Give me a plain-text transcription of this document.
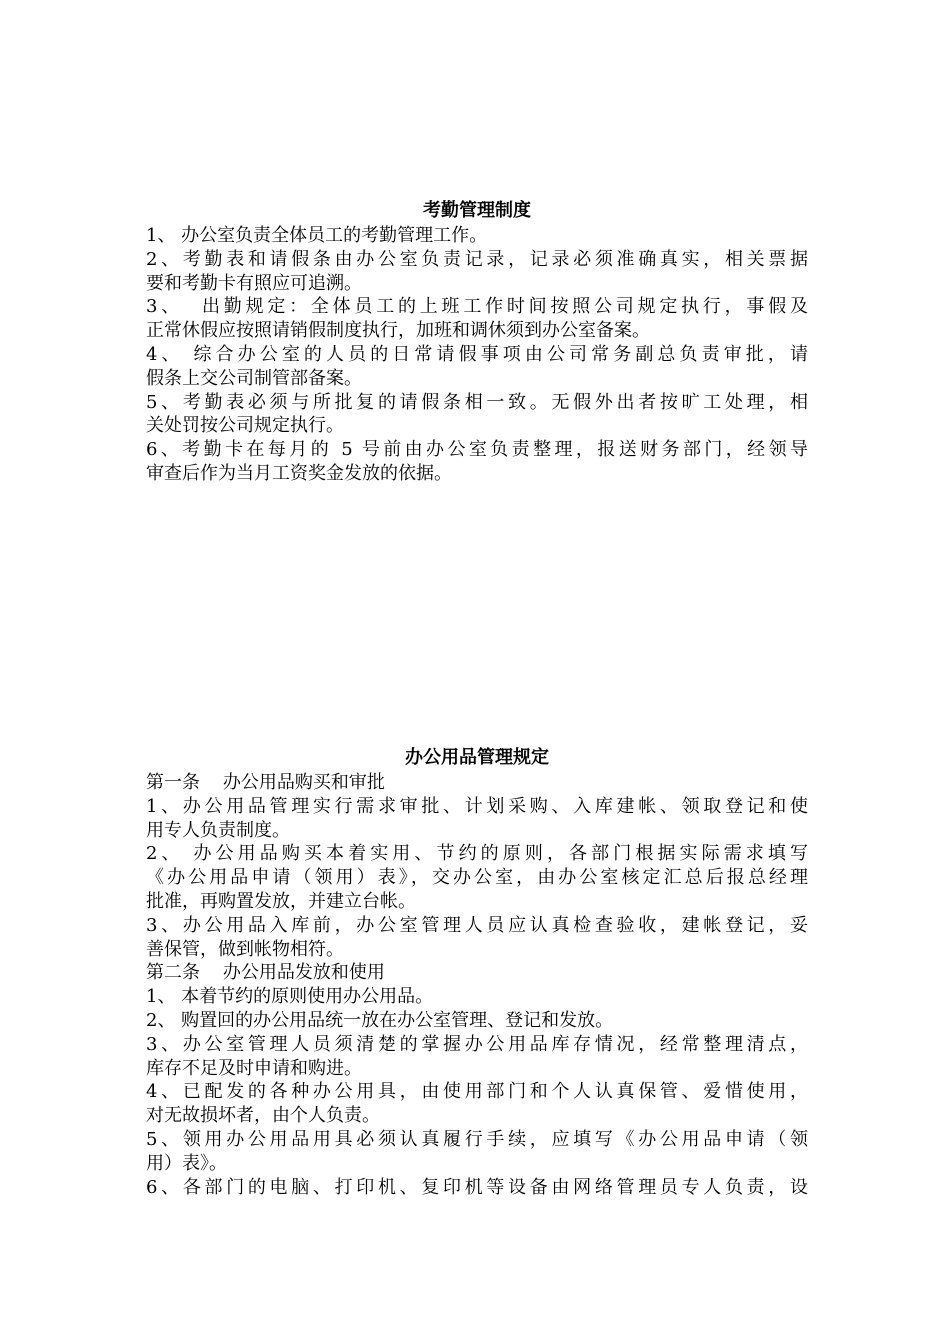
考勤管理制度
1、 办公室负责全体员工的考勤管理工作。
2、考勤表和请假条由办公室负责记录，记录必须准确真实，相关票据
要和考勤卡有照应可追溯。
3、  出勤规定：全体员工的上班工作时间按照公司规定执行，事假及
正常休假应按照请销假制度执行，加班和调休须到办公室备案。
4、 综合办公室的人员的日常请假事项由公司常务副总负责审批，请
假条上交公司制管部备案。
5、考勤表必须与所批复的请假条相一致。无假外出者按旷工处理，相
关处罚按公司规定执行。
6、考勤卡在每月的 5 号前由办公室负责整理，报送财务部门，经领导
审查后作为当月工资奖金发放的依据。
办公用品管理规定
第一条    办公用品购买和审批
1、办公用品管理实行需求审批、计划采购、入库建帐、领取登记和使
用专人负责制度。
2、 办公用品购买本着实用、节约的原则，各部门根据实际需求填写
《办公用品申请（领用）表》，交办公室，由办公室核定汇总后报总经理
批准，再购置发放，并建立台帐。
3、办公用品入库前，办公室管理人员应认真检查验收，建帐登记，妥
善保管，做到帐物相符。
第二条    办公用品发放和使用
1、 本着节约的原则使用办公用品。
2、 购置回的办公用品统一放在办公室管理、登记和发放。
3、办公室管理人员须清楚的掌握办公用品库存情况，经常整理清点，
库存不足及时申请和购进。
4、已配发的各种办公用具，由使用部门和个人认真保管、爱惜使用，
对无故损坏者，由个人负责。
5、领用办公用品用具必须认真履行手续，应填写《办公用品申请（领
用）表》。
6、各部门的电脑、打印机、复印机等设备由网络管理员专人负责，设
